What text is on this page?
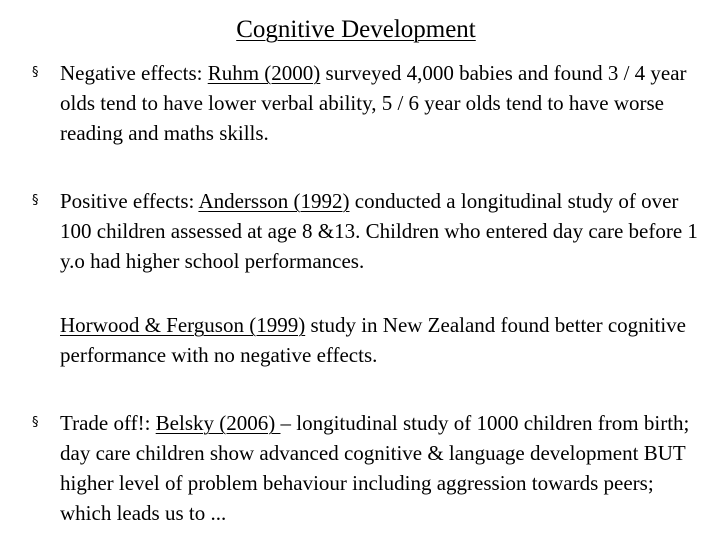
Cognitive Development
§	Negative effects: Ruhm (2000) surveyed 4,000 babies and found 3 / 4 year olds tend to have lower verbal ability, 5 / 6 year olds tend to have worse reading and maths skills.
§	Positive effects: Andersson (1992) conducted a longitudinal study of over 100 children assessed at age 8 &13. Children who entered day care before 1 y.o had higher school performances.
Horwood & Ferguson (1999) study in New Zealand found better cognitive performance with no negative effects.
§	Trade off!: Belsky (2006) – longitudinal study of 1000 children from birth; day care children show advanced cognitive & language development BUT higher level of problem behaviour including aggression towards peers; which leads us to ...
